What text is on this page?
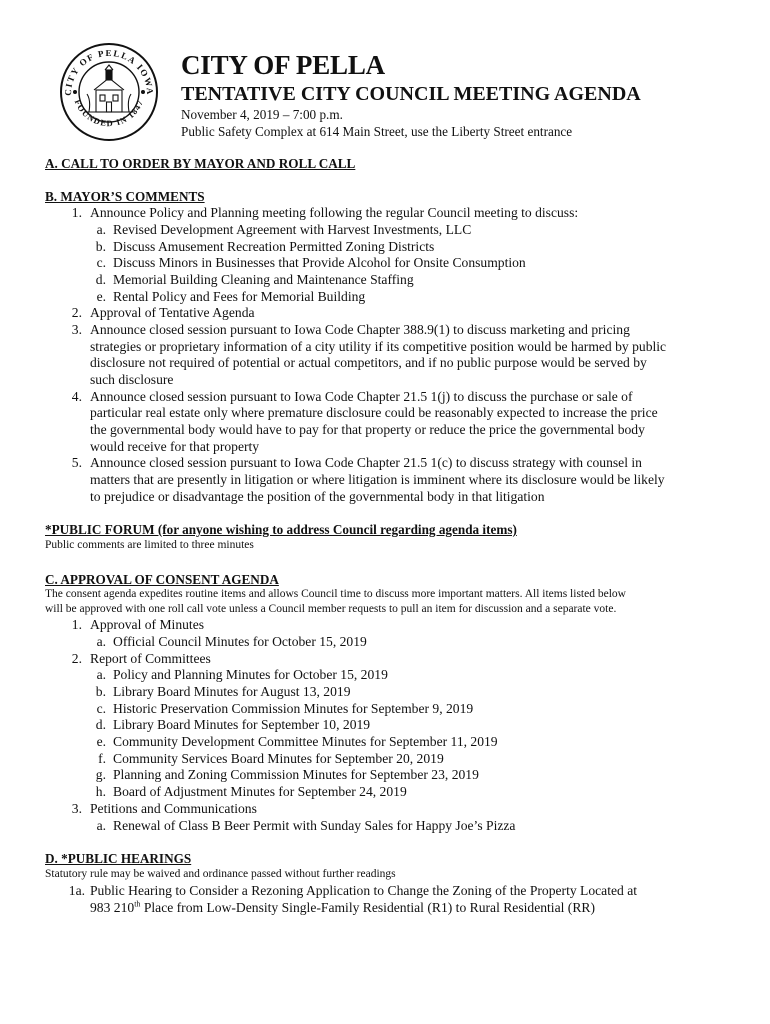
CITY OF PELLA IOWA
FOUNDED IN 1847
CITY OF PELLA
TENTATIVE CITY COUNCIL MEETING AGENDA
November 4, 2019 – 7:00 p.m.
Public Safety Complex at 614 Main Street, use the Liberty Street entrance
A. CALL TO ORDER BY MAYOR AND ROLL CALL
B. MAYOR’S COMMENTS
1. Announce Policy and Planning meeting following the regular Council meeting to discuss:
a. Revised Development Agreement with Harvest Investments, LLC
b. Discuss Amusement Recreation Permitted Zoning Districts
c. Discuss Minors in Businesses that Provide Alcohol for Onsite Consumption
d. Memorial Building Cleaning and Maintenance Staffing
e. Rental Policy and Fees for Memorial Building
2. Approval of Tentative Agenda
3. Announce closed session pursuant to Iowa Code Chapter 388.9(1) to discuss marketing and pricing
strategies or proprietary information of a city utility if its competitive position would be harmed by public
disclosure not required of potential or actual competitors, and if no public purpose would be served by
such disclosure
4. Announce closed session pursuant to Iowa Code Chapter 21.5 1(j) to discuss the purchase or sale of
particular real estate only where premature disclosure could be reasonably expected to increase the price
the governmental body would have to pay for that property or reduce the price the governmental body
would receive for that property
5. Announce closed session pursuant to Iowa Code Chapter 21.5 1(c) to discuss strategy with counsel in
matters that are presently in litigation or where litigation is imminent where its disclosure would be likely
to prejudice or disadvantage the position of the governmental body in that litigation
*PUBLIC FORUM (for anyone wishing to address Council regarding agenda items)
Public comments are limited to three minutes
C. APPROVAL OF CONSENT AGENDA
The consent agenda expedites routine items and allows Council time to discuss more important matters. All items listed below
will be approved with one roll call vote unless a Council member requests to pull an item for discussion and a separate vote.
1. Approval of Minutes
a. Official Council Minutes for October 15, 2019
2. Report of Committees
a. Policy and Planning Minutes for October 15, 2019
b. Library Board Minutes for August 13, 2019
c. Historic Preservation Commission Minutes for September 9, 2019
d. Library Board Minutes for September 10, 2019
e. Community Development Committee Minutes for September 11, 2019
f. Community Services Board Minutes for September 20, 2019
g. Planning and Zoning Commission Minutes for September 23, 2019
h. Board of Adjustment Minutes for September 24, 2019
3. Petitions and Communications
a. Renewal of Class B Beer Permit with Sunday Sales for Happy Joe’s Pizza
D. *PUBLIC HEARINGS
Statutory rule may be waived and ordinance passed without further readings
1a. Public Hearing to Consider a Rezoning Application to Change the Zoning of the Property Located at
983 210th Place from Low-Density Single-Family Residential (R1) to Rural Residential (RR)
